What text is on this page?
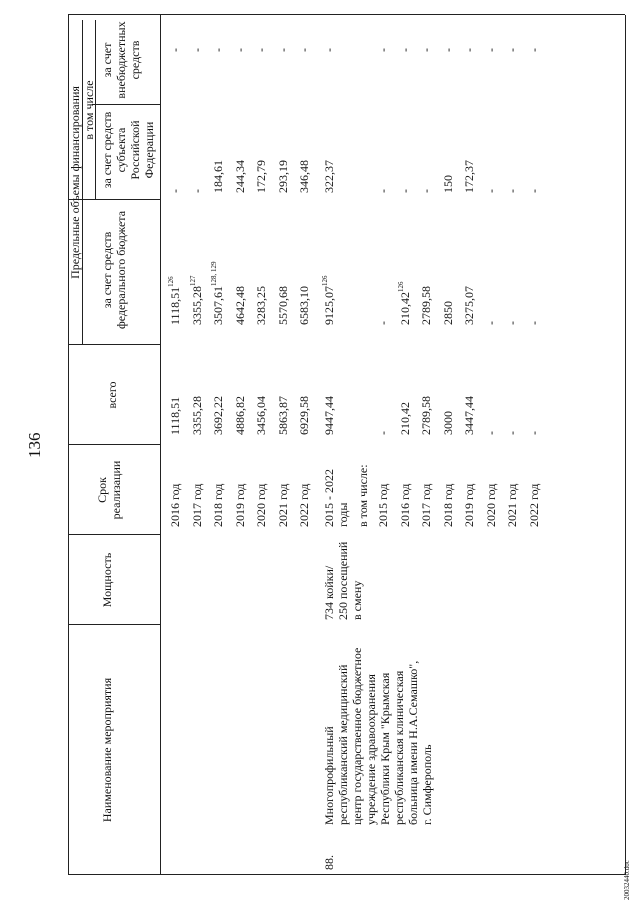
136
20032440.doc
Наименование мероприятия
Мощность
Срок реализации
всего
Предельные объемы финансирования в том числе
за счет средств федерального бюджета
за счет средств субъекта Российской Федерации
за счет внебюджетных средств
2016 год
1118,51
1118,51$^{126}$
-
-
2017 год
3355,28
3355,28$^{127}$
-
-
2018 год
3692,22
3507,61$^{128, 129}$
184,61
-
2019 год
4886,82
4642,48
244,34
-
2020 год
3456,04
3283,25
172,79
-
2021 год
5863,87
5570,68
293,19
-
2022 год
6929,58
6583,10
346,48
-
88.
Многопрофильный республиканский медицинский центр государственное бюджетное учреждение здравоохранения Республики Крым "Крымская республиканская клиническая больница имени Н.А.Семашко", г. Симферополь
734 койки/ 250 посещений в смену
2015 - 2022 годы в том числе:
9447,44
9125,07$^{126}$
322,37
-
2015 год
-
-
-
-
2016 год
210,42
210,42$^{126}$
-
-
2017 год
2789,58
2789,58
-
-
2018 год
3000
2850
150
-
2019 год
3447,44
3275,07
172,37
-
2020 год
-
-
-
-
2021 год
-
-
-
-
2022 год
-
-
-
-
